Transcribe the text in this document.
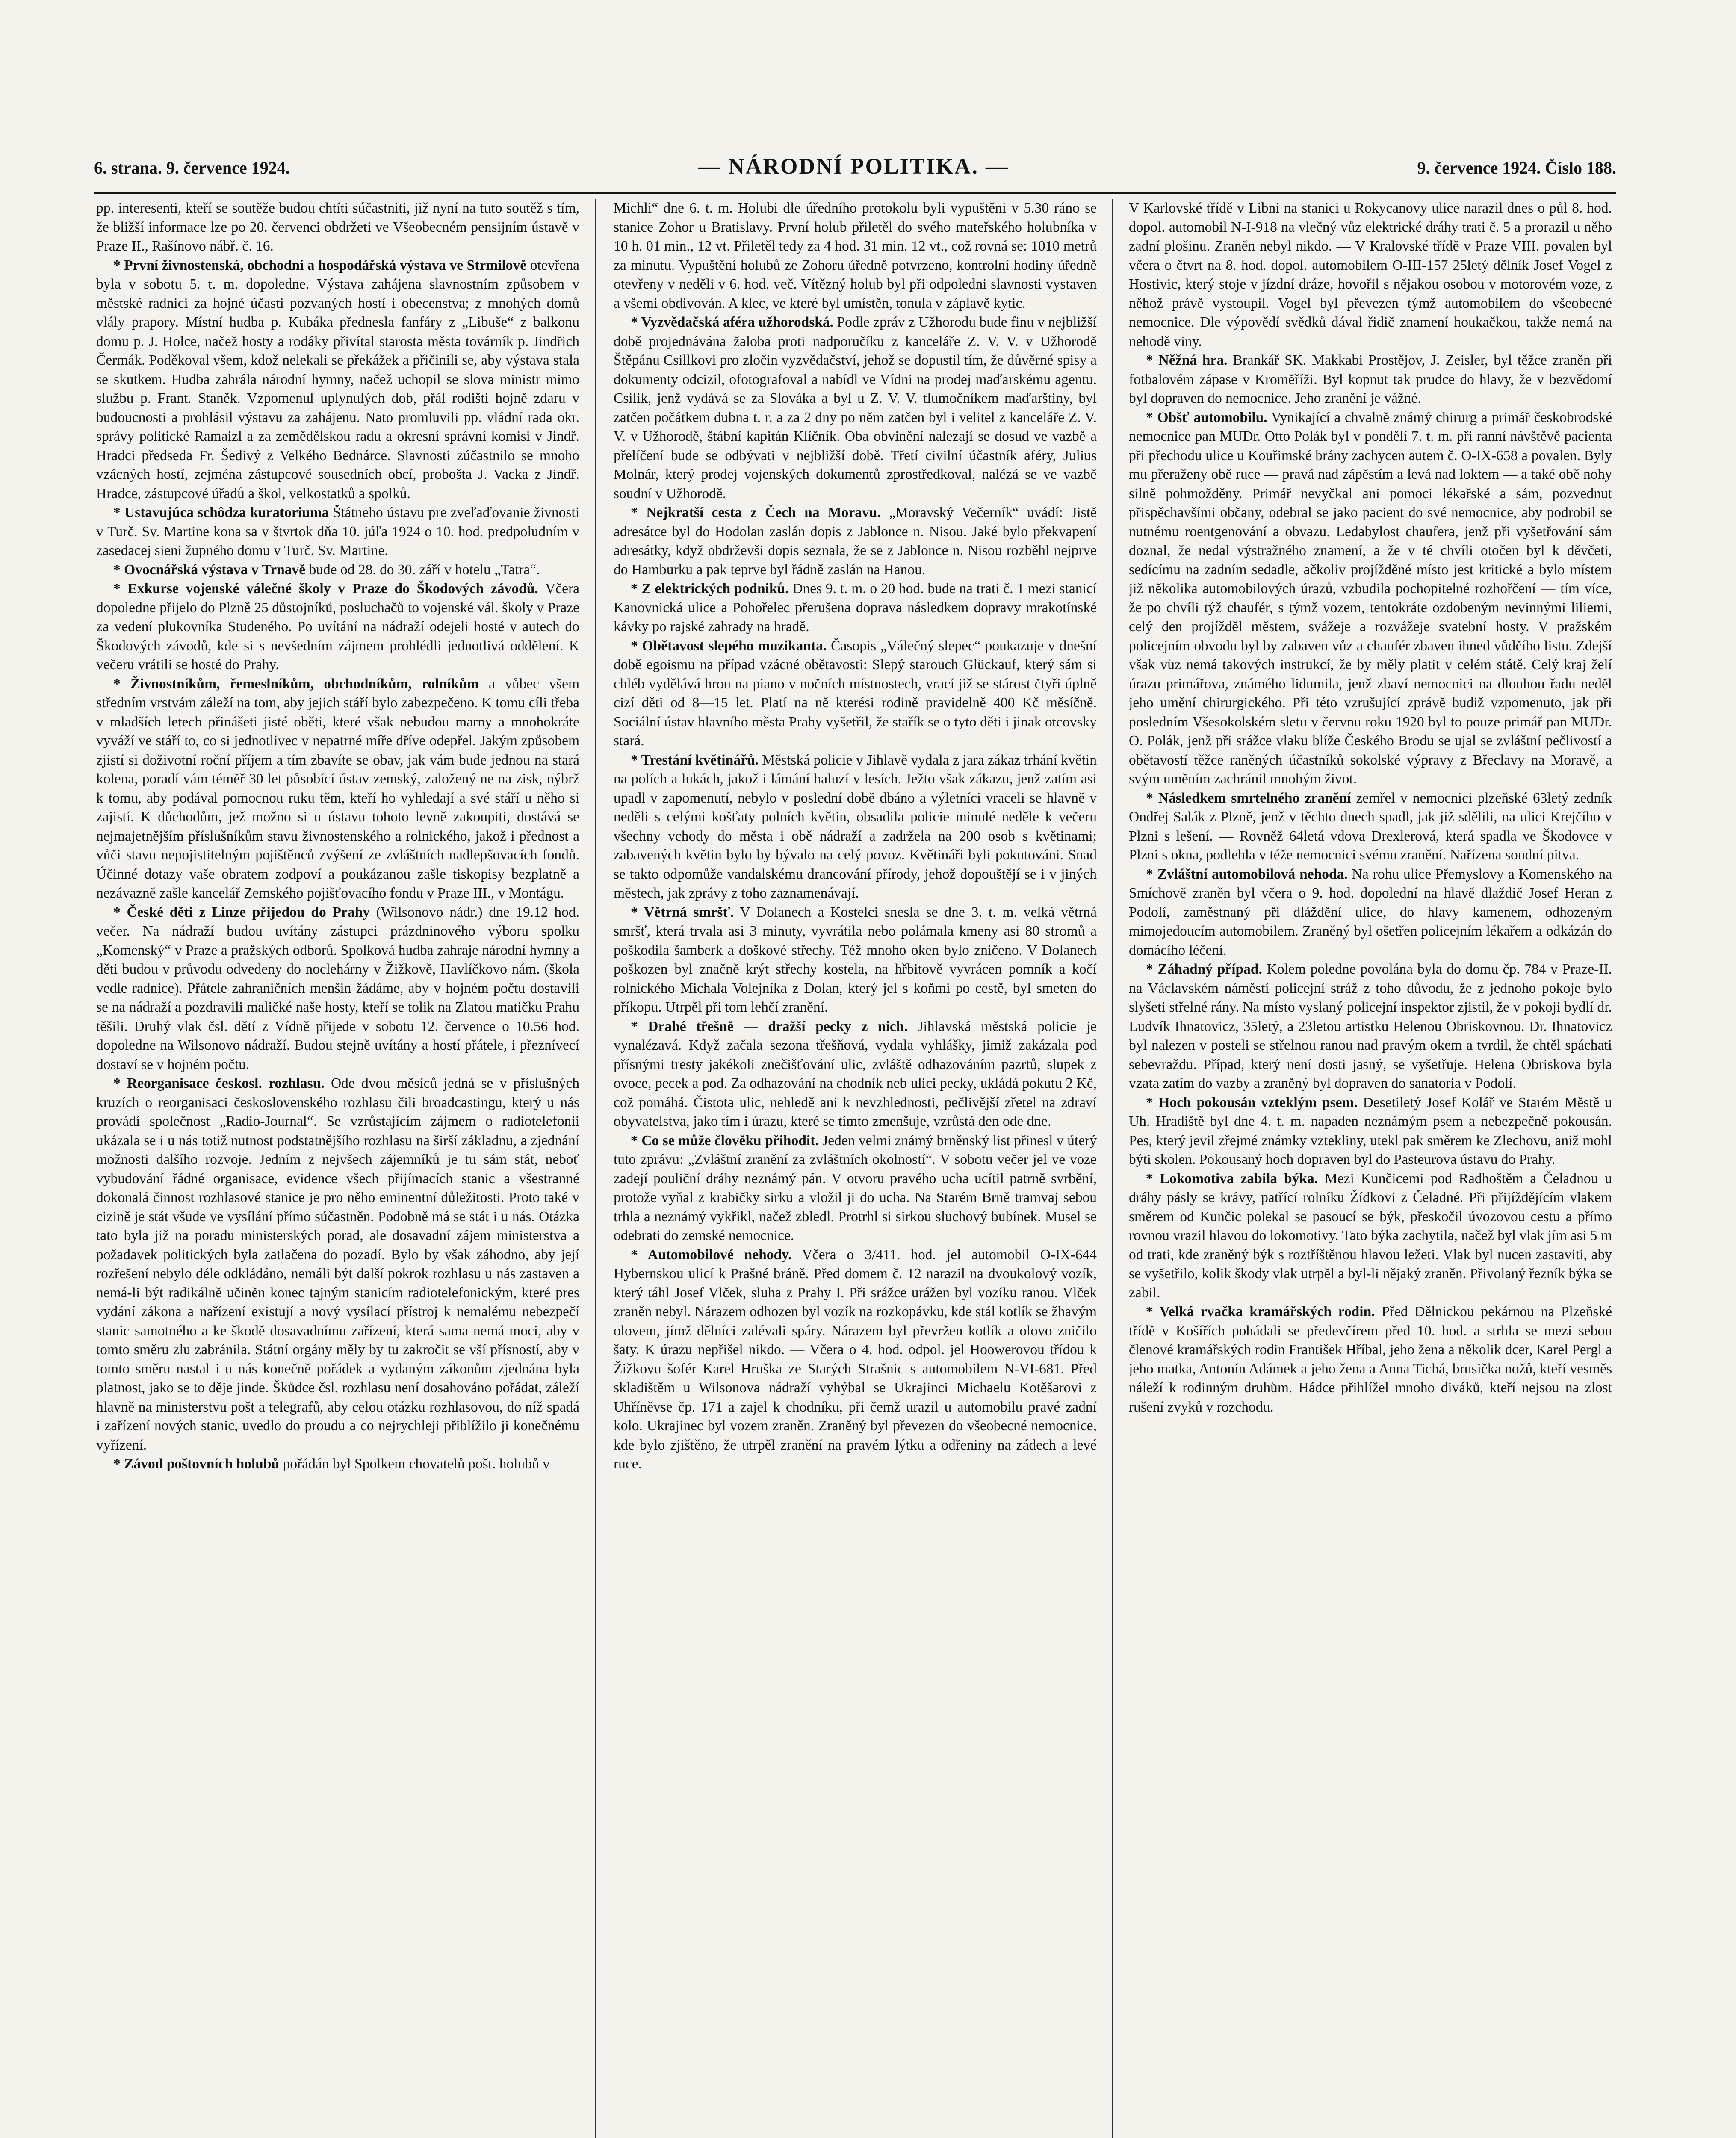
6. strana. 9. července 1924.	— NÁRODNÍ POLITIKA. —	9. července 1924. Číslo 188.

pp. interesenti, kteří se soutěže budou chtíti súčastniti, již nyní na tuto soutěž s tím, že bližší informace lze po 20. červenci obdržeti ve Všeobecném pensijním ústavě v Praze II., Rašínovo nábř. č. 16.

* První živnostenská, obchodní a hospodářská výstava ve Strmilově otevřena byla v sobotu 5. t. m. dopoledne. Výstava zahájena slavnostním způsobem v městské radnici za hojné účasti pozvaných hostí i obecenstva; z mnohých domů vlály prapory. Místní hudba p. Kubáka přednesla fanfáry z „Libuše“ z balkonu domu p. J. Holce, načež hosty a rodáky přivítal starosta města továrník p. Jindřich Čermák. Poděkoval všem, kdož nelekali se překážek a přičinili se, aby výstava stala se skutkem. Hudba zahrála národní hymny, načež uchopil se slova ministr mimo službu p. Frant. Staněk. Vzpomenul uplynulých dob, přál rodišti hojně zdaru v budoucnosti a prohlásil výstavu za zahájenu. Nato promluvili pp. vládní rada okr. správy politické Ramaizl a za zemědělskou radu a okresní správní komisi v Jindř. Hradci předseda Fr. Šedivý z Velkého Bednárce. Slavnosti zúčastnilo se mnoho vzácných hostí, zejména zástupcové sousedních obcí, proboštа J. Vacka z Jindř. Hradce, zástupcové úřadů a škol, velkostatků a spolků.

* Ustavujúca schôdza kuratoriuma Štátneho ústavu pre zveľaďovanie živnosti v Turč. Sv. Martine kona sa v štvrtok dňa 10. júľa 1924 o 10. hod. predpoludním v zasedacej sieni župného domu v Turč. Sv. Martine.

* Ovocnářská výstava v Trnavě bude od 28. do 30. září v hotelu „Tatra“.

* Exkurse vojenské válečné školy v Praze do Škodových závodů. Včera dopoledne přijelo do Plzně 25 důstojníků, posluchačů to vojenské vál. školy v Praze za vedení plukovníka Studeného. Po uvítání na nádraží odejeli hosté v autech do Škodových závodů, kde si s nevšedním zájmem prohlédli jednotlivá oddělení. K večeru vrátili se hosté do Prahy.

* Živnostníkům, řemeslníkům, obchodníkům, rolníkům a vůbec všem středním vrstvám záleží na tom, aby jejich stáří bylo zabezpečeno. K tomu cíli třeba v mladších letech přinášeti jisté oběti, které však nebudou marny a mnohokráte vyváží ve stáří to, co si jednotlivec v nepatrné míře dříve odepřel. Jakým způsobem zjistí si doživotní roční příjem a tím zbavíte se obav, jak vám bude jednou na stará kolena, poradí vám téměř 30 let působící ústav zemský, založený ne na zisk, nýbrž k tomu, aby podával pomocnou ruku těm, kteří ho vyhledají a své stáří u něho si zajistí. K důchodům, jež možno si u ústavu tohoto levně zakoupiti, dostává se nejmajetnějším příslušníkům stavu živnostenského a rolnického, jakož i přednost a vůči stavu nepojistitelným pojištěnců zvýšení ze zvláštních nadlepšovacích fondů. Účinné dotazy vaše obratem zodpoví a poukázanou zašle tiskopisy bezplatně a nezávazně zašle kancelář Zemského pojišťovacího fondu v Praze III., v Montágu.

* České děti z Linze přijedou do Prahy (Wilsonovo nádr.) dne 19.12 hod. večer. Na nádraží budou uvítány zástupci prázdninového výboru spolku „Komenský“ v Praze a pražských odborů. Spolková hudba zahraje národní hymny a děti budou v průvodu odvedeny do noclehárny v Žižkově, Havlíčkovo nám. (škola vedle radnice). Přátele zahraničních menšin žádáme, aby v hojném počtu dostavili se na nádraží a pozdravili maličké naše hosty, kteří se tolik na Zlatou matičku Prahu těšili. Druhý vlak čsl. dětí z Vídně přijede v sobotu 12. července o 10.56 hod. dopoledne na Wilsonovo nádraží. Budou stejně uvítány a hostí přátele, i přeznívecí dostaví se v hojném počtu.

* Reorganisace českosl. rozhlasu. Ode dvou měsíců jedná se v příslušných kruzích o reorganisaci československého rozhlasu čili broadcastingu, který u nás provádí společnost „Radio-Journal“. Se vzrůstajícím zájmem o radiotelefonii ukázala se i u nás totiž nutnost podstatnějšího rozhlasu na širší základnu, a zjednání možnosti dalšího rozvoje. Jedním z nejvšech zájemníků je tu sám stát, neboť vybudování řádné organisace, evidence všech přijímacích stanic a všestranné dokonalá činnost rozhlasové stanice je pro něho eminentní důležitosti. Proto také v cizině je stát všude ve vysílání přímo súčastněn. Podobně má se stát i u nás. Otázka tato byla již na poradu ministerských porad, ale dosavadní zájem ministerstva a požadavek politických byla zatlačena do pozadí. Bylo by však záhodno, aby její rozřešení nebylo déle odkládáno, nemáli být další pokrok rozhlasu u nás zastaven a nemá-li být radikálně učiněn konec tajným stanicím radiotelefonickým, které pres vydání zákona a nařízení existují a nový vysílací přístroj k nemalému nebezpečí stanic samotného a ke škodě dosavadnímu zařízení, která sama nemá moci, aby v tomto směru zlu zabránila. Státní orgány měly by tu zakročit se vší přísností, aby v tomto směru nastal i u nás konečně pořádek a vydaným zákonům zjednána byla platnost, jako se to děje jinde. Škůdce čsl. rozhlasu není dosahováno pořádat, záleží hlavně na ministerstvu pošt a telegrafů, aby celou otázku rozhlasovou, do níž spadá i zařízení nových stanic, uvedlo do proudu a co nejrychleji přiblížilo ji konečnému vyřízení.

* Závod poštovních holubů pořádán byl Spolkem chovatelů pošt. holubů v

Michli“ dne 6. t. m. Holubi dle úředního protokolu byli vypuštěni v 5.30 ráno se stanice Zohor u Bratislavy. První holub přiletěl do svého mateřského holubníka v 10 h. 01 min., 12 vt. Přiletěl tedy za 4 hod. 31 min. 12 vt., což rovná se: 1010 metrů za minutu. Vypuštění holubů ze Zohoru úředně potvrzeno, kontrolní hodiny úředně otevřeny v neděli v 6. hod. več. Vítězný holub byl při odpoledni slavnosti vystaven a všemi obdivován. A klec, ve které byl umístěn, tonula v záplavě kytic.

* Vyzvědačská aféra užhorodská. Podle zpráv z Užhorodu bude finu v nejbližší době projednávána žaloba proti nadporučíku z kanceláře Z. V. V. v Užhorodě Štěpánu Csillkovi pro zločin vyzvědačství, jehož se dopustil tím, že důvěrné spisy a dokumenty odcizil, ofotografoval a nabídl ve Vídni na prodej maďarskému agentu. Csilik, jenž vydává se za Slováka a byl u Z. V. V. tlumočníkem maďarštiny, byl zatčen počátkem dubna t. r. a za 2 dny po něm zatčen byl i velitel z kanceláře Z. V. V. v Užhorodě, štábní kapitán Klíčník. Oba obvinění nalezají se dosud ve vazbě a přelíčení bude se odbývati v nejbližší době. Třetí civilní účastník aféry, Julius Molnár, který prodej vojenských dokumentů zprostředkoval, nalézá se ve vazbě soudní v Užhorodě.

* Nejkratší cesta z Čech na Moravu. „Moravský Večerník“ uvádí: Jistě adresátce byl do Hodolan zaslán dopis z Jablonce n. Nisou. Jaké bylo překvapení adresátky, když obdrževši dopis seznala, že se z Jablonce n. Nisou rozběhl nejprve do Hamburku a pak teprve byl řádně zaslán na Hanou.

* Z elektrických podniků. Dnes 9. t. m. o 20 hod. bude na trati č. 1 mezi stanicí Kanovnická ulice a Pohořelec přerušena doprava následkem dopravy mrakotínské kávky po rajské zahrady na hradě.

* Obětavost slepého muzikanta. Časopis „Válečný slepec“ poukazuje v dnešní době egoismu na případ vzácné obětavosti: Slepý starouch Glückauf, který sám si chléb vydělává hrou na piano v nočních místnostech, vrací již se stárost čtyři úplně cizí děti od 8—15 let. Platí na ně kterési rodině pravidelně 400 Kč měsíčně. Sociální ústav hlavního města Prahy vyšetřil, že stařík se o tyto děti i jinak otcovsky stará.

* Trestání květinářů. Městská policie v Jihlavě vydala z jara zákaz trhání květin na polích a lukách, jakož i lámání haluzí v lesích. Ježto však zákazu, jenž zatím asi upadl v zapomenutí, nebylo v poslední době dbáno a výletníci vraceli se hlavně v neděli s celými košťaty polních květin, obsadila policie minulé neděle k večeru všechny vchody do města i obě nádraží a zadržela na 200 osob s květinami; zabavených květin bylo by bývalo na celý povoz. Květináři byli pokutováni. Snad se takto odpomůže vandalskému drancování přírody, jehož dopouštějí se i v jiných městech, jak zprávy z toho zaznamenávají.

* Větrná smršť. V Dolanech a Kostelci snesla se dne 3. t. m. velká větrná smršť, která trvala asi 3 minuty, vyvrátila nebo polámala kmeny asi 80 stromů a poškodila šamberk a doškové střechy. Též mnoho oken bylo zničeno. V Dolanech poškozen byl značně krýt střechy kostela, na hřbitově vyvrácen pomník a kočí rolnického Michala Volejníka z Dolan, který jel s koňmi po cestě, byl smeten do příkopu. Utrpěl při tom lehčí zranění.

* Drahé třešně — dražší pecky z nich. Jihlavská městská policie je vynalézavá. Když začala sezona třešňová, vydala vyhlášky, jimiž zakázala pod přísnými tresty jakékoli znečišťování ulic, zvláště odhazováním pazrtů, slupek z ovoce, pecek a pod. Za odhazování na chodník neb ulici pecky, ukládá pokutu 2 Kč, což pomáhá. Čistota ulic, nehledě ani k nevzhlednosti, pečlivější zřetel na zdraví obyvatelstva, jako tím i úrazu, které se tímto zmenšuje, vzrůstá den ode dne.

* Co se může člověku přihodit. Jeden velmi známý brněnský list přinesl v úterý tuto zprávu: „Zvláštní zranění za zvláštních okolností“. V sobotu večer jel ve voze zadejí pouliční dráhy neznámý pán. V otvoru pravého ucha ucítil patrně svrbění, protože vyňal z krabičky sirku a vložil ji do ucha. Na Starém Brně tramvaj sebou trhla a neznámý vykřikl, načež zbledl. Protrhl si sirkou sluchový bubínek. Musel se odebrati do zemské nemocnice.

* Automobilové nehody. Včera o 3/411. hod. jel automobil O-IX-644 Hybernskou ulicí k Prašné bráně. Před domem č. 12 narazil na dvoukolový vozík, který táhl Josef Vlček, sluha z Prahy I. Při srážce urážen byl vozíku ranou. Vlček zraněn nebyl. Nárazem odhozen byl vozík na rozkopávku, kde stál kotlík se žhavým olovem, jímž dělníci zalévali spáry. Nárazem byl převržen kotlík a olovo zničilo šaty. K úrazu nepřišel nikdo. — Včera o 4. hod. odpol. jel Hoowerovou třídou k Žižkovu šofér Karel Hruška ze Starých Strašnic s automobilem N-VI-681. Před skladištěm u Wilsonova nádraží vyhýbal se Ukrajinci Michaelu Kotěšarovi z Uhříněvse čp. 171 a zajel k chodníku, při čemž urazil u automobilu pravé zadní kolo. Ukrajinec byl vozem zraněn. Zraněný byl převezen do všeobecné nemocnice, kde bylo zjištěno, že utrpěl zranění na pravém lýtku a odřeniny na zádech a levé ruce. —

V Karlovské třídě v Libni na stanici u Rokycanovy ulice narazil dnes o půl 8. hod. dopol. automobil N-I-918 na vlečný vůz elektrické dráhy trati č. 5 a prorazil u něho zadní plošinu. Zraněn nebyl nikdo. — V Kralovské třídě v Praze VIII. povalen byl včera o čtvrt na 8. hod. dopol. automobilem O-III-157 25letý dělník Josef Vogel z Hostivic, který stoje v jízdní dráze, hovořil s nějakou osobou v motorovém voze, z něhož právě vystoupil. Vogel byl převezen týmž automobilem do všeobecné nemocnice. Dle výpovědí svědků dával řidič znamení houkačkou, takže nemá na nehodě viny.

* Něžná hra. Brankář SK. Makkabi Prostějov, J. Zeisler, byl těžce zraněn při fotbalovém zápase v Kroměříži. Byl kopnut tak prudce do hlavy, že v bezvědomí byl dopraven do nemocnice. Jeho zranění je vážné.

* Obšť automobilu. Vynikající a chvalně známý chirurg a primář českobrodské nemocnice pan MUDr. Otto Polák byl v pondělí 7. t. m. při ranní návštěvě pacienta při přechodu ulice u Kouřimské brány zachycen autem č. O-IX-658 a povalen. Byly mu přeraženy obě ruce — pravá nad zápěstím a levá nad loktem — a také obě nohy silně pohmožděny. Primář nevyčkal ani pomoci lékařské a sám, pozvednut přispěchavšími občany, odebral se jako pacient do své nemocnice, aby podrobil se nutnému roentgenování a obvazu. Ledabylost chaufera, jenž při vyšetřování sám doznal, že nedal výstražného znamení, a že v té chvíli otočen byl k děvčeti, sedícímu na zadním sedadle, ačkoliv projížděné místo jest kritické a bylo místem již několika automobilových úrazů, vzbudila pochopitelné rozhořčení — tím více, že po chvíli týž chaufér, s týmž vozem, tentokráte ozdobeným nevinnými liliemi, celý den projížděl městem, svážeje a rozvážeje svatební hosty. V pražském policejním obvodu byl by zabaven vůz a chaufér zbaven ihned vůdčího listu. Zdejší však vůz nemá takových instrukcí, že by měly platit v celém státě. Celý kraj želí úrazu primářova, známého lidumila, jenž zbaví nemocnici na dlouhou řadu neděl jeho umění chirurgického. Při této vzrušující zprávě budiž vzpomenuto, jak při posledním Všesokolském sletu v červnu roku 1920 byl to pouze primář pan MUDr. O. Polák, jenž při srážce vlaku blíže Českého Brodu se ujal se zvláštní pečlivostí a obětavostí těžce raněných účastníků sokolské výpravy z Břeclavy na Moravě, a svým uměním zachránil mnohým život.

* Následkem smrtelného zranění zemřel v nemocnici plzeňské 63letý zedník Ondřej Salák z Plzně, jenž v těchto dnech spadl, jak již sdělili, na ulici Krejčího v Plzni s lešení. — Rovněž 64letá vdova Drexlerová, která spadla ve Škodovce v Plzni s okna, podlehla v téže nemocnici svému zranění. Nařízena soudní pitva.

* Zvláštní automobilová nehoda. Na rohu ulice Přemyslovy a Komenského na Smíchově zraněn byl včera o 9. hod. dopolední na hlavě dlaždič Josef Heran z Podolí, zaměstnaný při dláždění ulice, do hlavy kamenem, odhozeným mimojedoucím automobilem. Zraněný byl ošetřen policejním lékařem a odkázán do domácího léčení.

* Záhadný případ. Kolem poledne povolána byla do domu čp. 784 v Praze-II. na Václavském náměstí policejní stráž z toho důvodu, že z jednoho pokoje bylo slyšeti střelné rány. Na místo vyslaný policejní inspektor zjistil, že v pokoji bydlí dr. Ludvík Ihnatovicz, 35letý, a 23letou artistku Helenou Obriskovnou. Dr. Ihnatovicz byl nalezen v posteli se střelnou ranou nad pravým okem a tvrdil, že chtěl spáchati sebevraždu. Případ, který není dosti jasný, se vyšetřuje. Helena Obriskova byla vzata zatím do vazby a zraněný byl dopraven do sanatoria v Podolí.

* Hoch pokousán vzteklým psem. Desetiletý Josef Kolář ve Starém Městě u Uh. Hradiště byl dne 4. t. m. napaden neznámým psem a nebezpečně pokousán. Pes, který jevil zřejmé známky vztekliny, utekl pak směrem ke Zlechovu, aniž mohl býti skolen. Pokousaný hoch dopraven byl do Pasteurova ústavu do Prahy.

* Lokomotiva zabila býka. Mezi Kunčicemi pod Radhoštěm a Čeladnou u dráhy pásly se krávy, patřící rolníku Žídkovi z Čeladné. Při přijíždějícím vlakem směrem od Kunčic polekal se pasoucí se býk, přeskočil úvozovou cestu a přímo rovnou vrazil hlavou do lokomotivy. Tato býka zachytila, načež byl vlak jím asi 5 m od trati, kde zraněný býk s roztříštěnou hlavou ležeti. Vlak byl nucen zastaviti, aby se vyšetřilo, kolik škody vlak utrpěl a byl-li nějaký zraněn. Přivolaný řezník býka se zabil.

* Velká rvačka kramářských rodin. Před Dělnickou pekárnou na Plzeňské třídě v Košířích pohádali se předevčírem před 10. hod. a strhla se mezi sebou členové kramářských rodin František Hříbal, jeho žena a několik dcer, Karel Pergl a jeho matka, Antonín Adámek a jeho žena a Anna Tichá, brusička nožů, kteří vesměs náleží k rodinným druhům. Hádce přihlížel mnoho diváků, kteří nejsou na zlost rušení zvyků v rozchodu.
